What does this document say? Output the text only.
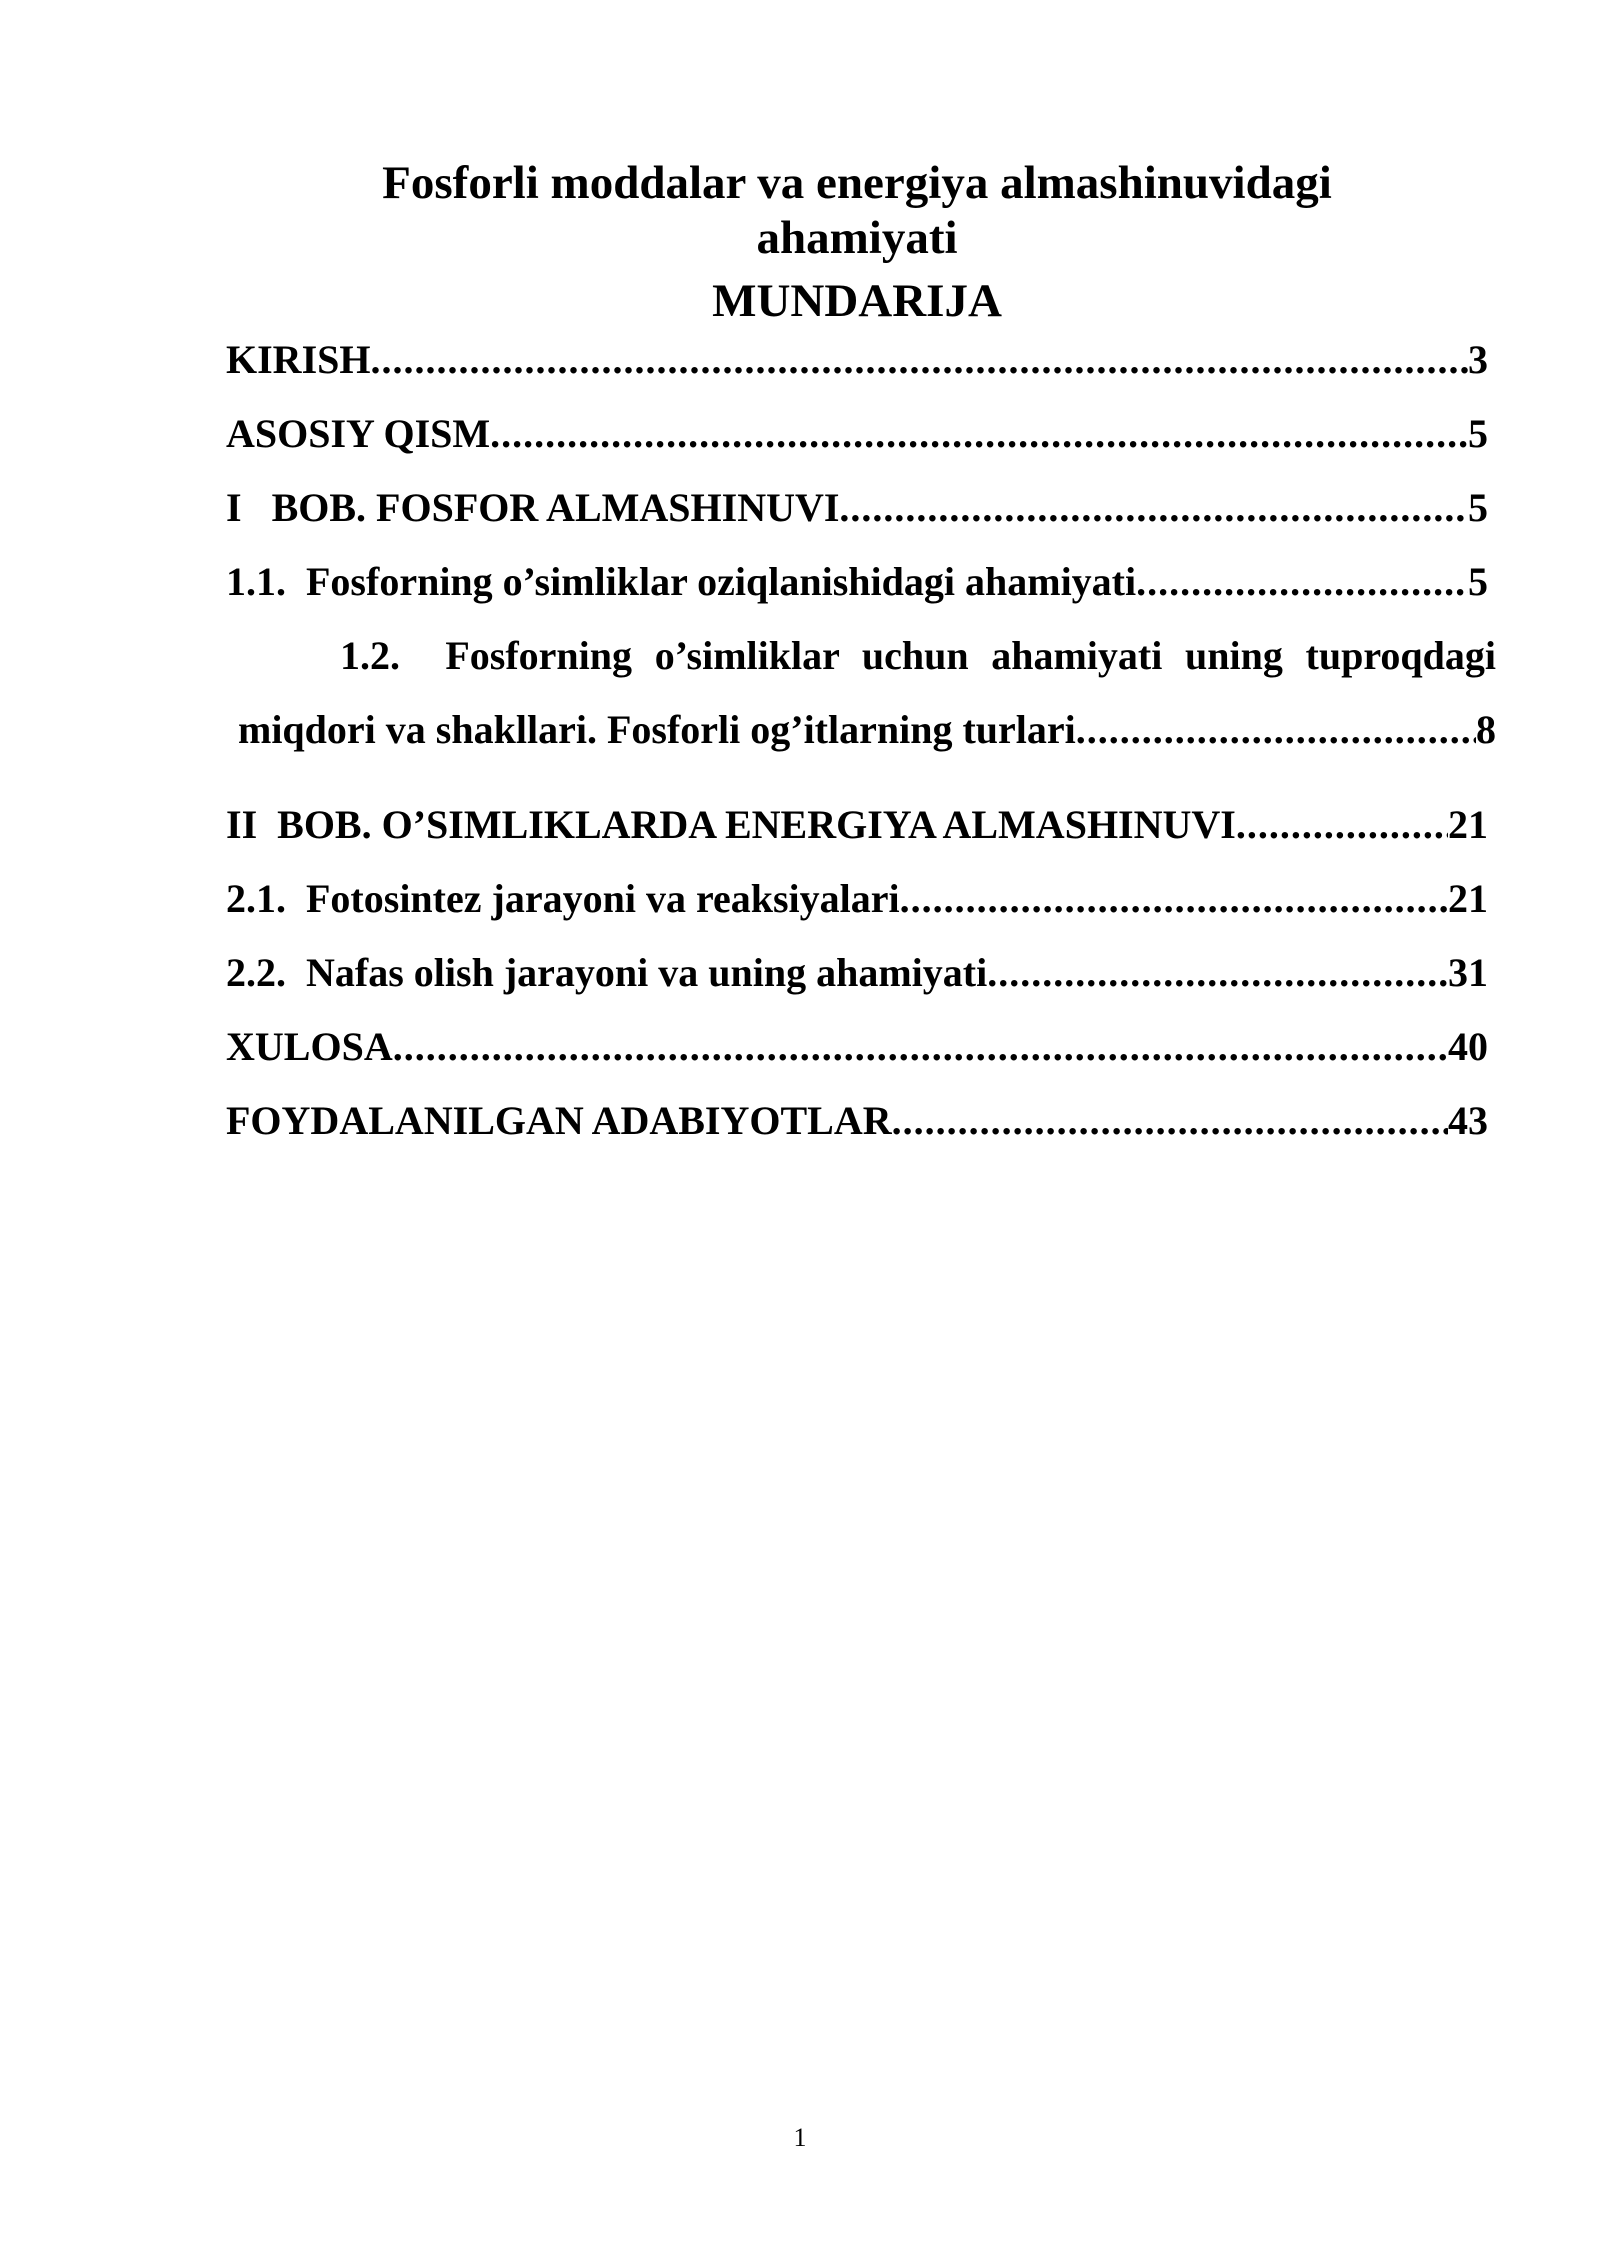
Fosforli moddalar va energiya almashinuvidagi
ahamiyati
MUNDARIJA
KIRISH .....	3
ASOSIY QISM .....	5
I   BOB. FOSFOR ALMASHINUVI .....	5
1.1.  Fosforning o’simliklar oziqlanishidagi ahamiyati .....	5
1.2.  Fosforning o’simliklar uchun ahamiyati uning tuproqdagi
miqdori va shakllari. Fosforli og’itlarning turlari .....	8
II  BOB. O’SIMLIKLARDA ENERGIYA ALMASHINUVI .....	21
2.1.  Fotosintez jarayoni va reaksiyalari .....	21
2.2.  Nafas olish jarayoni va uning ahamiyati .....	31
XULOSA .....	40
FOYDALANILGAN ADABIYOTLAR .....	43
1
